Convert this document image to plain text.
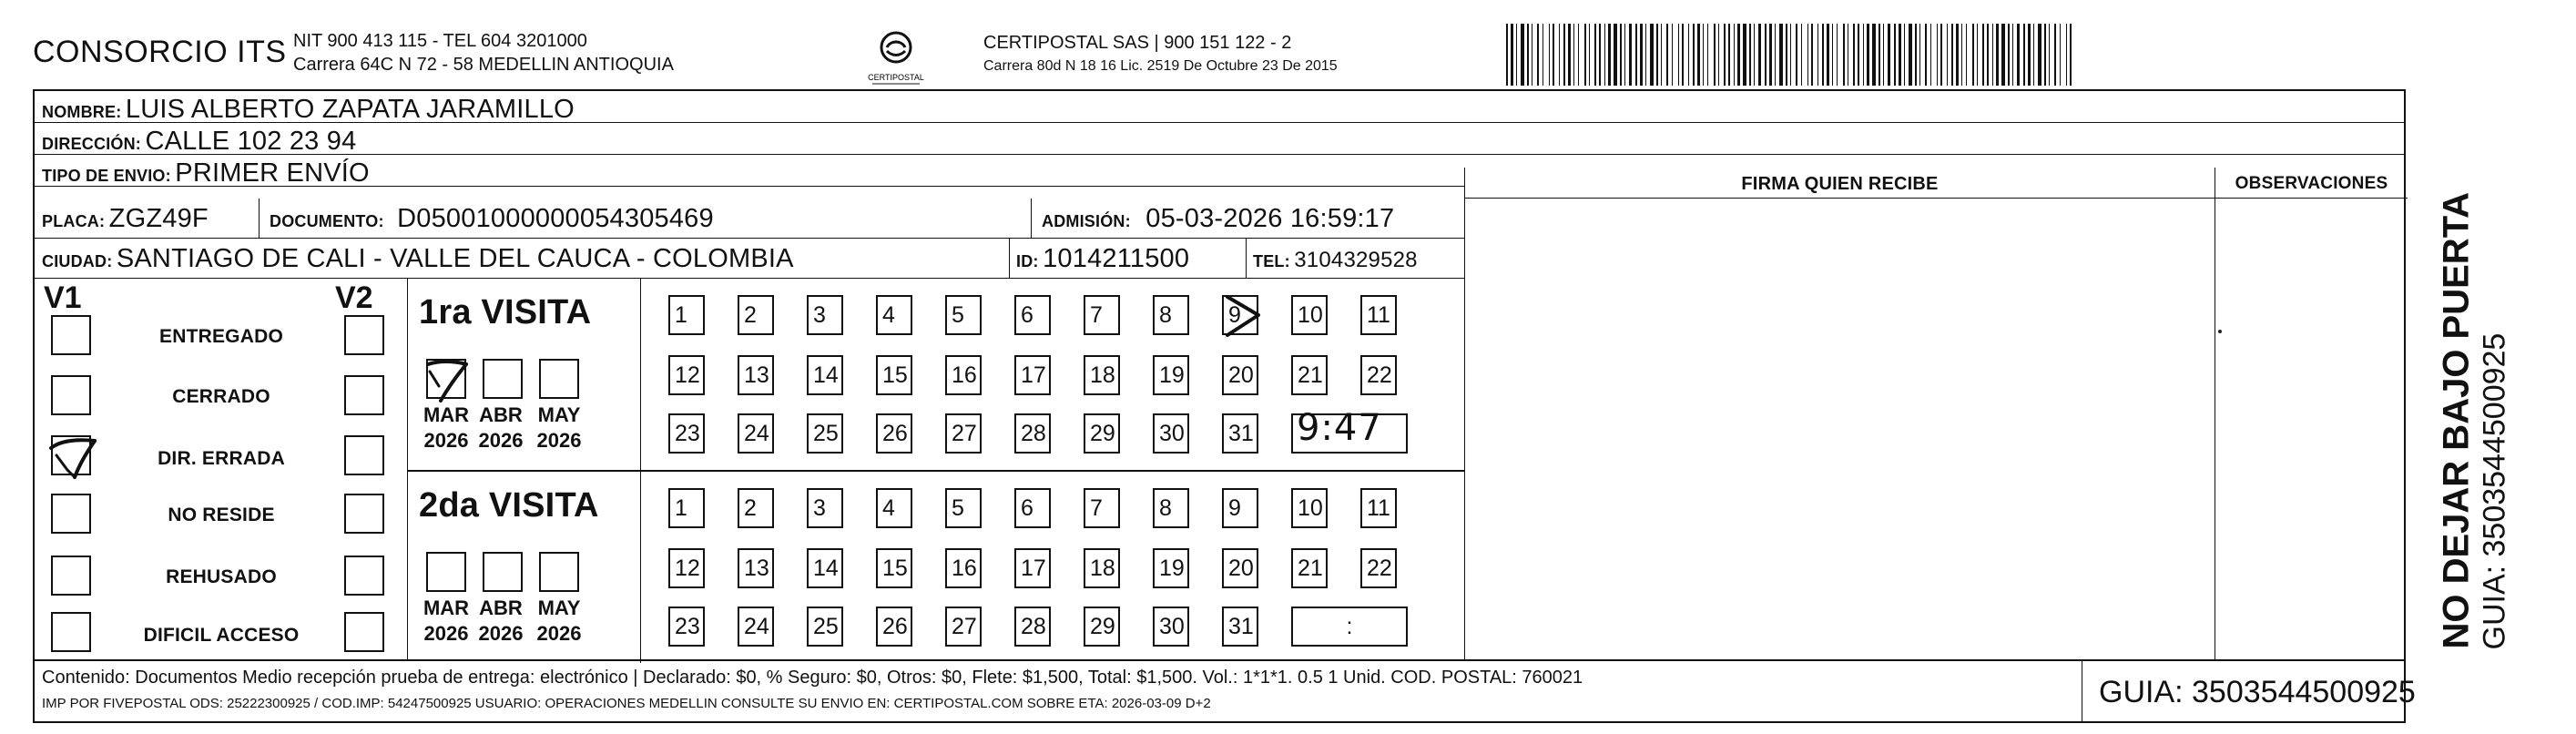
CONSORCIO ITS NIT 900 413 115 - TEL 604 3201000
Carrera 64C N 72 - 58 MEDELLIN ANTIOQUIA
CERTIPOSTAL
CERTIPOSTAL SAS | 900 151 122 - 2
Carrera 80d N 18 16 Lic. 2519 De Octubre 23 De 2015
NOMBRE: LUIS ALBERTO ZAPATA JARAMILLO
DIRECCIÓN: CALLE 102 23 94
TIPO DE ENVIO: PRIMER ENVÍO	FIRMA QUIEN RECIBE	OBSERVACIONES
PLACA: ZGZ49F	DOCUMENTO: D05001000000054305469	ADMISIÓN: 05-03-2026 16:59:17
CIUDAD: SANTIAGO DE CALI - VALLE DEL CAUCA - COLOMBIA	ID: 1014211500	TEL: 3104329528
V1	V2
ENTREGADO
CERRADO
DIR. ERRADA
NO RESIDE
REHUSADO
DIFICIL ACCESO
1ra VISITA
MAR
2026
ABR
2026
MAY
2026
1	2	3	4	5	6	7	8	9	10 11
12 13 14 15 16 17 18 19 20 21 22
23 24 25 26 27 28 29 30 31 9:47
2da VISITA
MAR
2026
ABR
2026
MAY
2026
1	2	3	4	5	6	7	8	9	10 11
12 13 14 15 16 17 18 19 20 21 22
23 24 25 26 27 28 29 30 31	:
Contenido: Documentos Medio recepción prueba de entrega: electrónico | Declarado: $0, % Seguro: $0, Otros: $0, Flete: $1,500, Total: $1,500. Vol.: 1*1*1. 0.5 1 Unid. COD. POSTAL: 760021
IMP POR FIVEPOSTAL ODS: 25222300925 / COD.IMP: 54247500925 USUARIO: OPERACIONES MEDELLIN CONSULTE SU ENVIO EN: CERTIPOSTAL.COM SOBRE ETA: 2026-03-09 D+2	GUIA: 3503544500925
NO DEJAR BAJO PUERTA GUIA: 3503544500925
